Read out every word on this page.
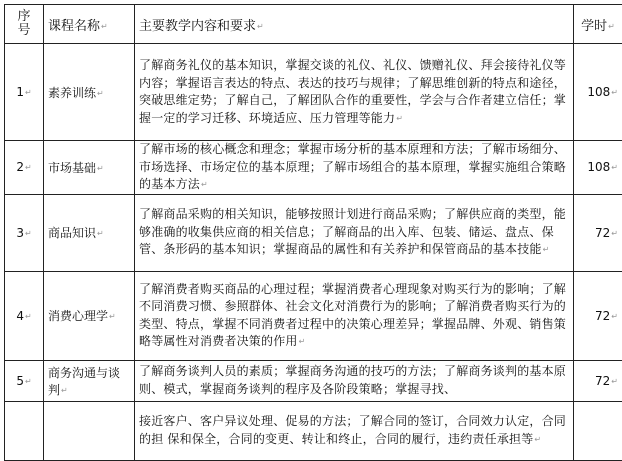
序
号	课程名称↵	主要教学内容和要求↵	学时↵
1↵	素养训练↵	了解商务礼仪的基本知识，掌握交谈的礼仪、礼仪、馈赠礼仪、拜会接待礼仪等内容；掌握语言表达的特点、表达的技巧与规律；了解思维创新的特点和途径，突破思维定势；了解自己，了解团队合作的重要性，学会与合作者建立信任；掌握一定的学习迁移、环境适应、压力管理等能力↵	108↵
2↵	市场基础↵	了解市场的核心概念和理念；掌握市场分析的基本原理和方法；了解市场细分、市场选择、市场定位的基本原理；了解市场组合的基本原理，掌握实施组合策略的基本方法↵	108↵
3↵	商品知识↵	了解商品采购的相关知识，能够按照计划进行商品采购；了解供应商的类型，能够准确的收集供应商的相关信息；了解商品的出入库、包装、储运、盘点、保管、条形码的基本知识；掌握商品的属性和有关养护和保管商品的基本技能↵	72↵
4↵	消费心理学↵	了解消费者购买商品的心理过程；掌握消费者心理现象对购买行为的影响；了解不同消费习惯、参照群体、社会文化对消费行为的影响；了解消费者购买行为的类型、特点，掌握不同消费者过程中的决策心理差异；掌握品牌、外观、销售策略等属性对消费者决策的作用↵	72↵
5↵	商务沟通与谈判↵	了解商务谈判人员的素质；掌握商务沟通的技巧的方法；了解商务谈判的基本原则、模式，掌握商务谈判的程序及各阶段策略；掌握寻找、	72↵
		接近客户、客户异议处理、促易的方法；了解合同的签订，合同效力认定，合同的担 保和保全，合同的变更、转让和终止，合同的履行，违约责任承担等↵	
